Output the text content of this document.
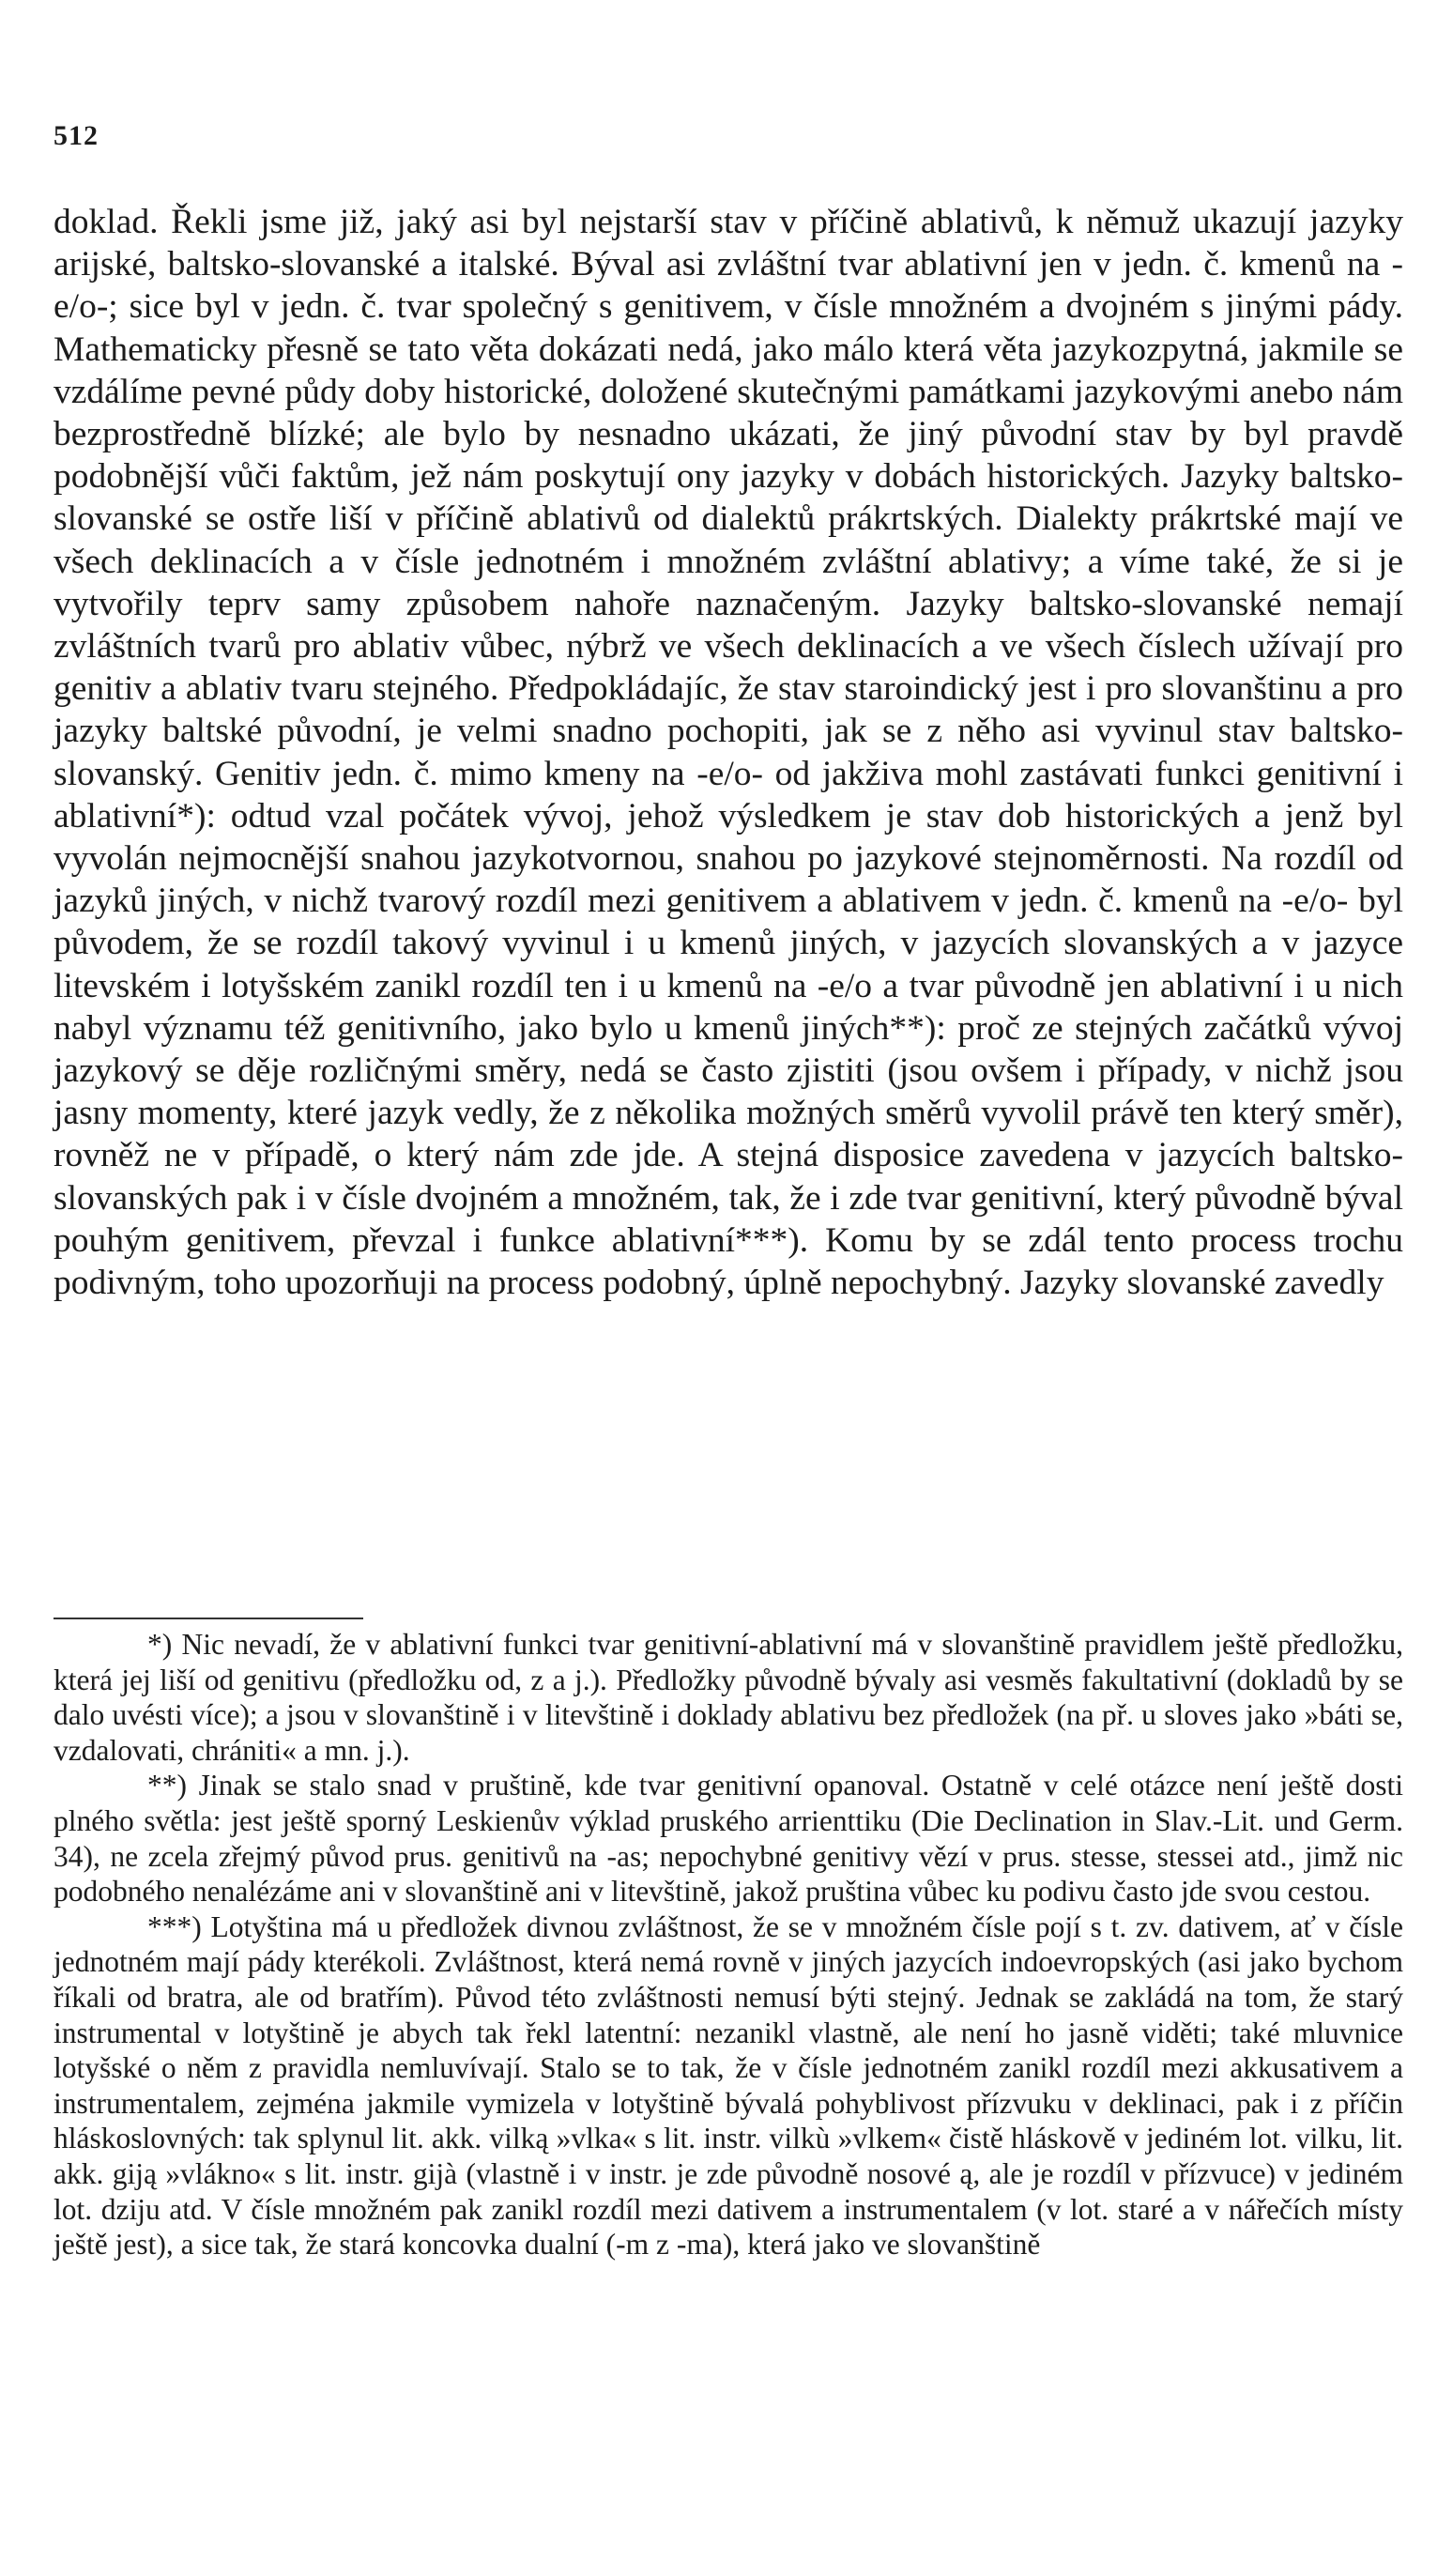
512

doklad. Řekli jsme již, jaký asi byl nejstarší stav v příčině ablativů, k němuž ukazují jazyky arijské, baltsko-slovanské a italské. Býval asi zvláštní tvar ablativní jen v jedn. č. kmenů na -e/o-; sice byl v jedn. č. tvar společný s genitivem, v čísle množném a dvojném s jinými pády. Mathematicky přesně se tato věta dokázati nedá, jako málo která věta jazykozpytná, jakmile se vzdálíme pevné půdy doby historické, doložené skutečnými památkami jazykovými anebo nám bezprostředně blízké; ale bylo by nesnadno ukázati, že jiný původní stav by byl pravdě podobnější vůči faktům, jež nám poskytují ony jazyky v dobách historických. Jazyky baltsko-slovanské se ostře liší v příčině ablativů od dialektů prákrtských. Dialekty prákrtské mají ve všech deklinacích a v čísle jednotném i množném zvláštní ablativy; a víme také, že si je vytvořily teprv samy způsobem nahoře naznačeným. Jazyky baltsko-slovanské nemají zvláštních tvarů pro ablativ vůbec, nýbrž ve všech deklinacích a ve všech číslech užívají pro genitiv a ablativ tvaru stejného. Předpokládajíc, že stav staroindický jest i pro slovanštinu a pro jazyky baltské původní, je velmi snadno pochopiti, jak se z něho asi vyvinul stav baltsko-slovanský. Genitiv jedn. č. mimo kmeny na -e/o- od jakživa mohl zastávati funkci genitivní i ablativní*): odtud vzal počátek vývoj, jehož výsledkem je stav dob historických a jenž byl vyvolán nejmocnější snahou jazykotvornou, snahou po jazykové stejnoměrnosti. Na rozdíl od jazyků jiných, v nichž tvarový rozdíl mezi genitivem a ablativem v jedn. č. kmenů na -e/o- byl původem, že se rozdíl takový vyvinul i u kmenů jiných, v jazycích slovanských a v jazyce litevském i lotyšském zanikl rozdíl ten i u kmenů na -e/o a tvar původně jen ablativní i u nich nabyl významu též genitivního, jako bylo u kmenů jiných**): proč ze stejných začátků vývoj jazykový se děje rozličnými směry, nedá se často zjistiti (jsou ovšem i případy, v nichž jsou jasny momenty, které jazyk vedly, že z několika možných směrů vyvolil právě ten který směr), rovněž ne v případě, o který nám zde jde. A stejná disposice zavedena v jazycích baltsko-slovanských pak i v čísle dvojném a množném, tak, že i zde tvar genitivní, který původně býval pouhým genitivem, převzal i funkce ablativní***). Komu by se zdál tento process trochu podivným, toho upozorňuji na process podobný, úplně nepochybný. Jazyky slovanské zavedly

*) Nic nevadí, že v ablativní funkci tvar genitivní-ablativní má v slovanštině pravidlem ještě předložku, která jej liší od genitivu (předložku od, z a j.). Předložky původně bývaly asi vesměs fakultativní (dokladů by se dalo uvésti více); a jsou v slovanštině i v litevštině i doklady ablativu bez předložek (na př. u sloves jako »báti se, vzdalovati, chrániti« a mn. j.).

**) Jinak se stalo snad v pruštině, kde tvar genitivní opanoval. Ostatně v celé otázce není ještě dosti plného světla: jest ještě sporný Leskienův výklad pruského arrienttiku (Die Declination in Slav.-Lit. und Germ. 34), ne zcela zřejmý původ prus. genitivů na -as; nepochybné genitivy vězí v prus. stesse, stessei atd., jimž nic podobného nenalézáme ani v slovanštině ani v litevštině, jakož pruština vůbec ku podivu často jde svou cestou.

***) Lotyština má u předložek divnou zvláštnost, že se v množném čísle pojí s t. zv. dativem, ať v čísle jednotném mají pády kterékoli. Zvláštnost, která nemá rovně v jiných jazycích indoevropských (asi jako bychom říkali od bratra, ale od bratřím). Původ této zvláštnosti nemusí býti stejný. Jednak se zakládá na tom, že starý instrumental v lotyštině je abych tak řekl latentní: nezanikl vlastně, ale není ho jasně viděti; také mluvnice lotyšské o něm z pravidla nemluvívají. Stalo se to tak, že v čísle jednotném zanikl rozdíl mezi akkusativem a instrumentalem, zejména jakmile vymizela v lotyštině bývalá pohyblivost přízvuku v deklinaci, pak i z příčin hláskoslovných: tak splynul lit. akk. vilką »vlka« s lit. instr. vilkù »vlkem« čistě hláskově v jediném lot. vilku, lit. akk. giją »vlákno« s lit. instr. gijà (vlastně i v instr. je zde původně nosové ą, ale je rozdíl v přízvuce) v jediném lot. dziju atd. V čísle množném pak zanikl rozdíl mezi dativem a instrumentalem (v lot. staré a v nářečích místy ještě jest), a sice tak, že stará koncovka dualní (-m z -ma), která jako ve slovanštině
